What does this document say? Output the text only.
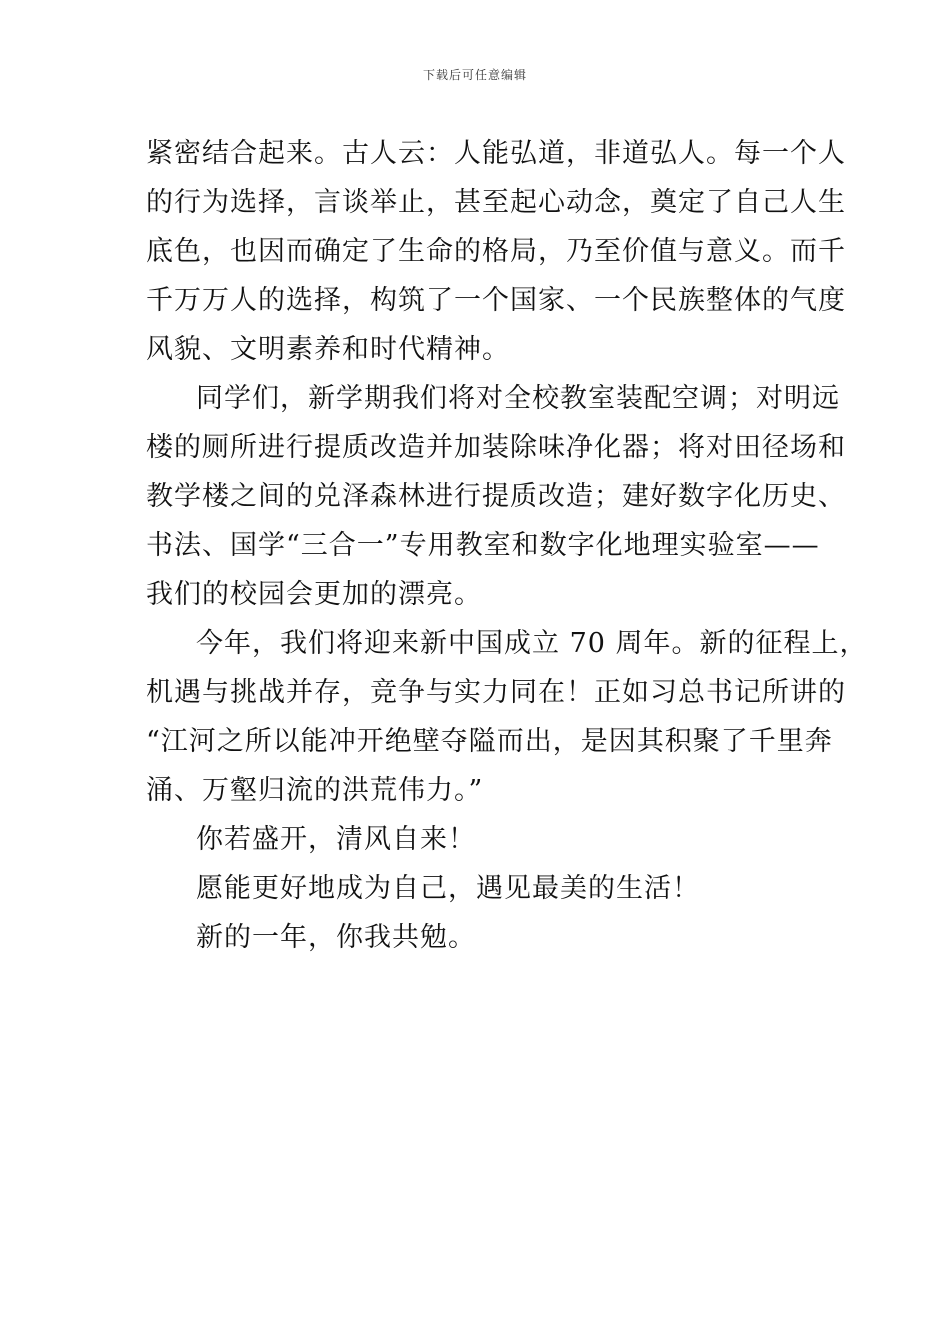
下载后可任意编辑
紧密结合起来。古人云：人能弘道，非道弘人。每一个人
的行为选择，言谈举止，甚至起心动念，奠定了自己人生
底色，也因而确定了生命的格局，乃至价值与意义。而千
千万万人的选择，构筑了一个国家、一个民族整体的气度
风貌、文明素养和时代精神。
同学们，新学期我们将对全校教室装配空调；对明远
楼的厕所进行提质改造并加装除味净化器；将对田径场和
教学楼之间的兑泽森林进行提质改造；建好数字化历史、
书法、国学“三合一”专用教室和数字化地理实验室——
我们的校园会更加的漂亮。
今年，我们将迎来新中国成立 70 周年。新的征程上，
机遇与挑战并存，竞争与实力同在！正如习总书记所讲的
“江河之所以能冲开绝壁夺隘而出，是因其积聚了千里奔
涌、万壑归流的洪荒伟力。”
你若盛开，清风自来！
愿能更好地成为自己，遇见最美的生活！
新的一年，你我共勉。
